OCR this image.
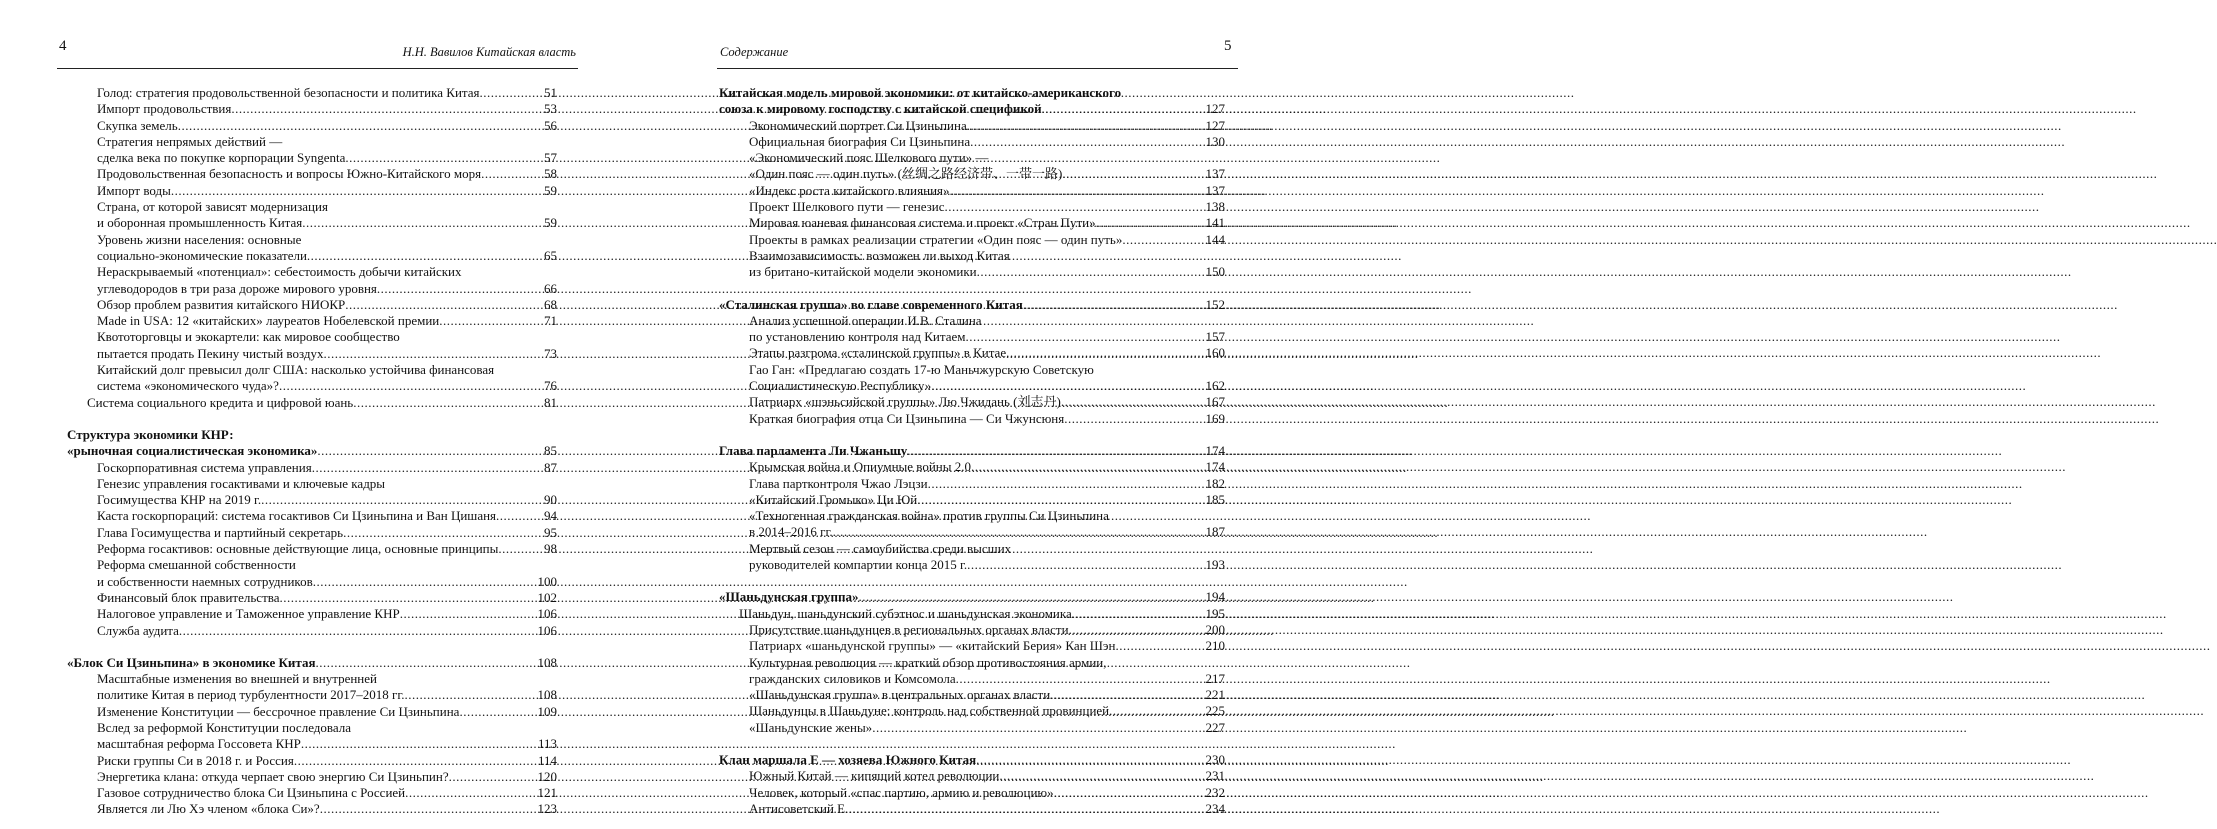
4	Н.Н. Вавилов Китайская власть
Голод: стратегия продовольственной безопасности и политика Китая .....	51
Импорт продовольствия .....	53
Скупка земель .....	56
Стратегия непрямых действий —
сделка века по покупке корпорации Syngenta .....	57
Продовольственная безопасность и вопросы Южно-Китайского моря .....	58
Импорт воды .....	59
Страна, от которой зависят модернизация
и оборонная промышленность Китая .....	59
Уровень жизни населения: основные
социально-экономические показатели .....	65
Нераскрываемый «потенциал»: себестоимость добычи китайских
углеводородов в три раза дороже мирового уровня .....	66
Обзор проблем развития китайского НИОКР .....	68
Made in USA: 12 «китайских» лауреатов Нобелевской премии .....	71
Квототорговцы и экокартели: как мировое сообщество
пытается продать Пекину чистый воздух .....	73
Китайский долг превысил долг США: насколько устойчива финансовая
система «экономического чуда»? .....	76
Система социального кредита и цифровой юань .....	81
Структура экономики КНР:
«рыночная социалистическая экономика» .....	85
Госкорпоративная система управления .....	87
Генезис управления госактивами и ключевые кадры
Госимущества КНР на 2019 г. .....	90
Каста госкорпораций: система госактивов Си Цзиньпина и Ван Цишаня .....	94
Глава Госимущества и партийный секретарь .....	95
Реформа госактивов: основные действующие лица, основные принципы .....	98
Реформа смешанной собственности
и собственности наемных сотрудников .....	100
Финансовый блок правительства .....	102
Налоговое управление и Таможенное управление КНР .....	106
Служба аудита .....	106
«Блок Си Цзиньпина» в экономике Китая .....	108
Масштабные изменения во внешней и внутренней
политике Китая в период турбулентности 2017–2018 гг. .....	108
Изменение Конституции — бессрочное правление Си Цзиньпина .....	109
Вслед за реформой Конституции последовала
масштабная реформа Госсовета КНР .....	113
Риски группы Си в 2018 г. и Россия .....	114
Энергетика клана: откуда черпает свою энергию Си Цзиньпин? .....	120
Газовое сотрудничество блока Си Цзиньпина с Россией .....	121
Является ли Лю Хэ членом «блока Си»? .....	123
5
Содержание
Китайская модель мировой экономики: от китайско-американского
союза к мировому господству с китайской спецификой .....	127
Экономический портрет Си Цзиньпина .....	127
Официальная биография Си Цзиньпина .....	130
«Экономический пояс Шелкового пути» —
«Один пояс — один путь» (丝绸之路经济带、一带一路) .....	137
«Индекс роста китайского влияния» .....	137
Проект Шелкового пути — генезис .....	138
Мировая юаневая финансовая система и проект «Стран Пути» .....	141
Проекты в рамках реализации стратегии «Один пояс — один путь» .....	144
Взаимозависимость: возможен ли выход Китая
из британо-китайской модели экономики .....	150
«Сталинская группа» во главе современного Китая .....	152
Анализ успешной операции И.В. Сталина
по установлению контроля над Китаем .....	157
Этапы разгрома «сталинской группы» в Китае .....	160
Гао Ган: «Предлагаю создать 17-ю Маньчжурскую Советскую
Социалистическую Республику» .....	162
Патриарх «шэньсийской группы» Лю Чжидань (刘志丹) .....	167
Краткая биография отца Си Цзиньпина — Си Чжунсюня .....	169
Глава парламента Ли Чжаньшу .....	174
Крымская война и Опиумные войны 2.0 .....	174
Глава партконтроля Чжао Лэцзи .....	182
«Китайский Громыко» Ци Юй .....	185
«Техногенная гражданская война» против группы Си Цзиньпина
в 2014–2016 гг. .....	187
Мертвый сезон — самоубийства среди высших
руководителей компартии конца 2015 г. .....	193
«Шаньдунская группа» .....	194
Шаньдун, шаньдунский субэтнос и шаньдунская экономика .....	195
Присутствие шаньдунцев в региональных органах власти .....	200
Патриарх «шаньдунской группы» — «китайский Берия» Кан Шэн .....	210
Культурная революция — краткий обзор противостояния армии,
гражданских силовиков и Комсомола .....	217
«Шаньдунская группа» в центральных органах власти .....	221
Шаньдунцы в Шаньдуне: контроль над собственной провинцией .....	225
«Шаньдунские жены» .....	227
Клан маршала Е — хозяева Южного Китая .....	230
Южный Китай — кипящий котел революции .....	231
Человек, который «спас партию, армию и революцию» .....	232
Антисоветский Е .....	234
